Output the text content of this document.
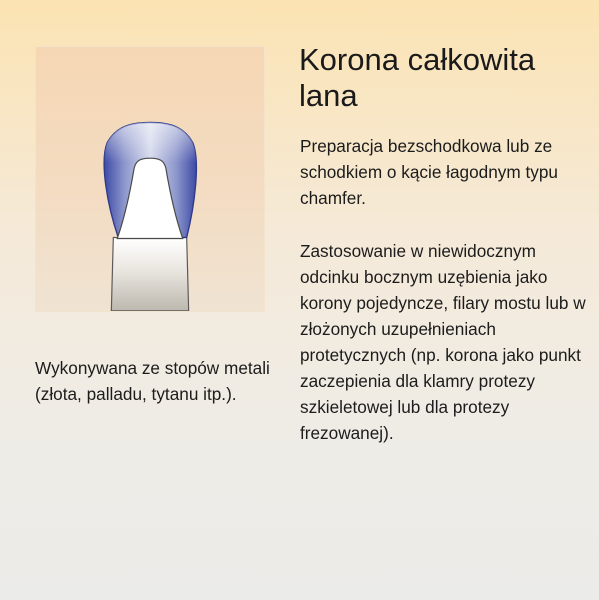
Korona całkowita lana

Preparacja bezschodkowa lub ze schodkiem o kącie łagodnym typu chamfer.

Zastosowanie w niewidocznym odcinku bocznym uzębienia jako korony pojedyncze, filary mostu lub w złożonych uzupełnieniach protetycznych (np. korona jako punkt zaczepienia dla klamry protezy szkieletowej lub dla protezy frezowanej).

Wykonywana ze stopów metali (złota, palladu, tytanu itp.).
